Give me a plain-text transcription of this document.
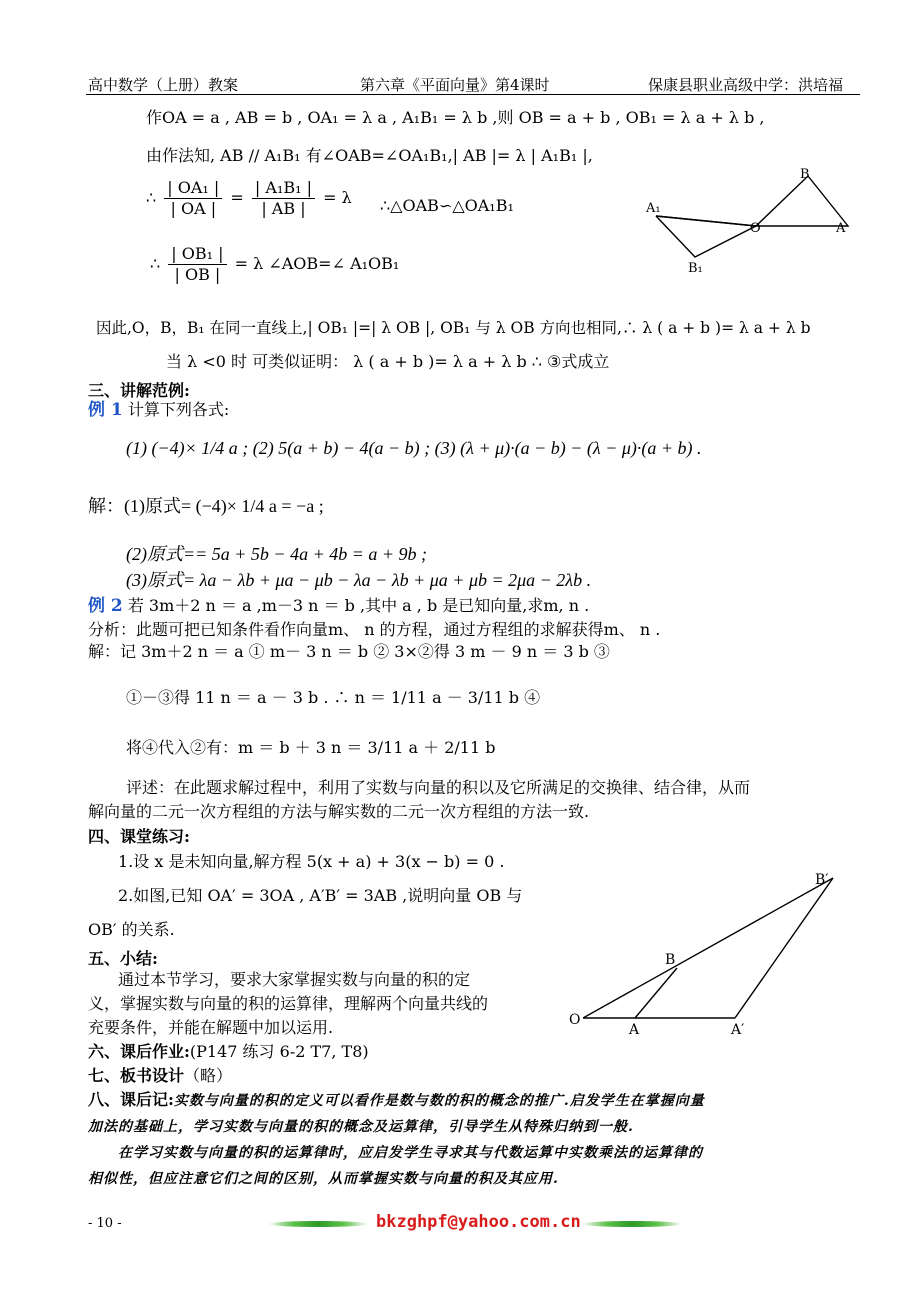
高中数学（上册）教案	第六章《平面向量》第4课时	保康县职业高级中学：洪培福
作OA = a , AB = b , OA₁ = λ a , A₁B₁ = λ b ,则 OB = a + b , OB₁ = λ a + λ b ,
由作法知, AB // A₁B₁ 有∠OAB=∠OA₁B₁,| AB |= λ | A₁B₁ |,
∴ $\frac{\text{| OA₁ |}}{| OA |} = \frac{\text{| A₁B₁ |}}{| AB |} = \lambda$ ∴△OAB∽△OA₁B₁
∴ $\frac{\text{| OB₁ |}}{| OB |} = \lambda$ ∠AOB=∠ A₁OB₁
因此,O，B，B₁ 在同一直线上,| OB₁ |=| λ OB |, OB₁ 与 λ OB 方向也相同,∴ λ ( a + b )= λ a + λ b
当 λ <0 时 可类似证明： λ ( a + b )= λ a + λ b ∴ ③式成立
A₁
B₁
O	A
B
三、讲解范例:
例 1 计算下列各式:
(1) (−4)× 1/4 a ; (2) 5(a + b) − 4(a − b) ; (3) (λ + μ)·(a − b) − (λ − μ)·(a + b) .
解：(1)原式= (−4)× 1/4 a = −a ;
(2)原式== 5a + 5b − 4a + 4b = a + 9b ;
(3)原式= λa − λb + μa − μb − λa − λb + μa + μb = 2μa − 2λb .
例 2 若 3m＋2 n ＝ a ,m－3 n ＝ b ,其中 a , b 是已知向量,求m, n .
分析：此题可把已知条件看作向量m、 n 的方程，通过方程组的求解获得m、 n .
解：记 3m＋2 n ＝ a ① m－ 3 n ＝ b ② 3×②得 3 m － 9 n ＝ 3 b ③
①－③得 11 n ＝ a － 3 b . ∴ n ＝ 1/11 a － 3/11 b ④
将④代入②有：m ＝ b ＋ 3 n ＝ 3/11 a ＋ 2/11 b
评述：在此题求解过程中，利用了实数与向量的积以及它所满足的交换律、结合律，从而
解向量的二元一次方程组的方法与解实数的二元一次方程组的方法一致.
四、课堂练习:
1.设 x 是未知向量,解方程 5(x + a) + 3(x − b) = 0 .
2.如图,已知 OA′ = 3OA , A′B′ = 3AB ,说明向量 OB 与
OB′ 的关系.
B′
B
O
A	A′
五、小结:
通过本节学习，要求大家掌握实数与向量的积的定
义，掌握实数与向量的积的运算律，理解两个向量共线的
充要条件，并能在解题中加以运用.
六、课后作业:(P147 练习 6-2 T7, T8)
七、板书设计（略）
八、课后记:实数与向量的积的定义可以看作是数与数的积的概念的推广.启发学生在掌握向量
加法的基础上，学习实数与向量的积的概念及运算律，引导学生从特殊归纳到一般.
在学习实数与向量的积的运算律时，应启发学生寻求其与代数运算中实数乘法的运算律的
相似性，但应注意它们之间的区别，从而掌握实数与向量的积及其应用.
- 10 -	bkzghpf@yahoo.com.cn
